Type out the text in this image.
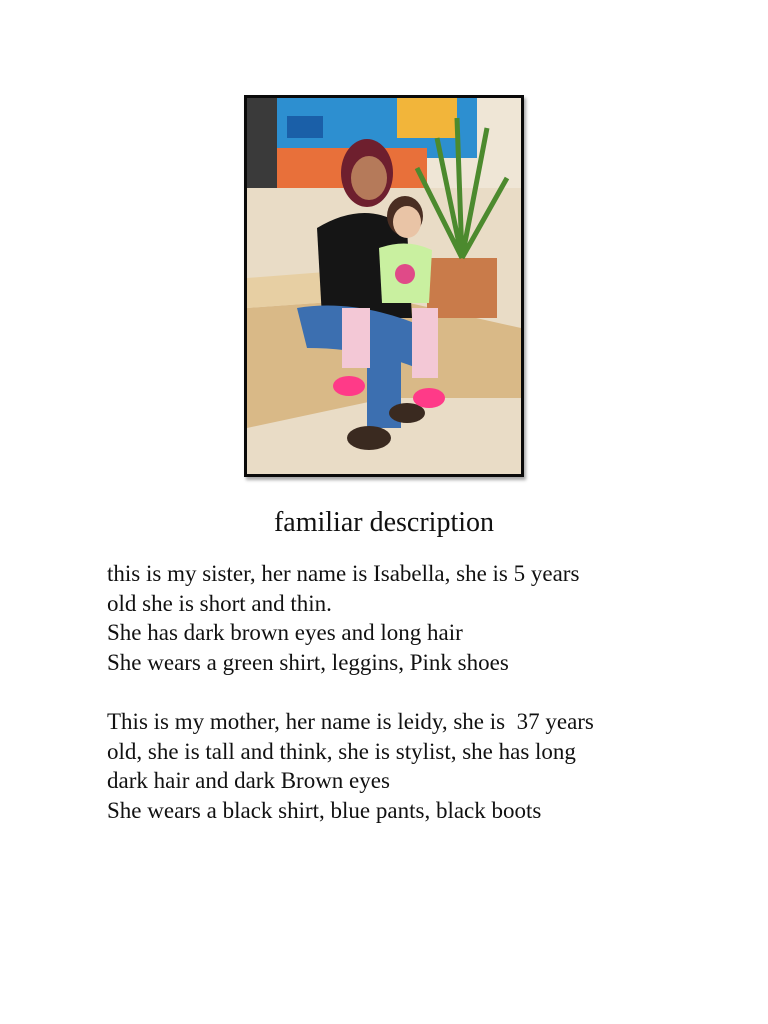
familiar description

this is my sister, her name is Isabella, she is 5 years
old she is short and thin.
She has dark brown eyes and long hair
She wears a green shirt, leggins, Pink shoes

This is my mother, her name is leidy, she is  37 years
old, she is tall and think, she is stylist, she has long
dark hair and dark Brown eyes
She wears a black shirt, blue pants, black boots
